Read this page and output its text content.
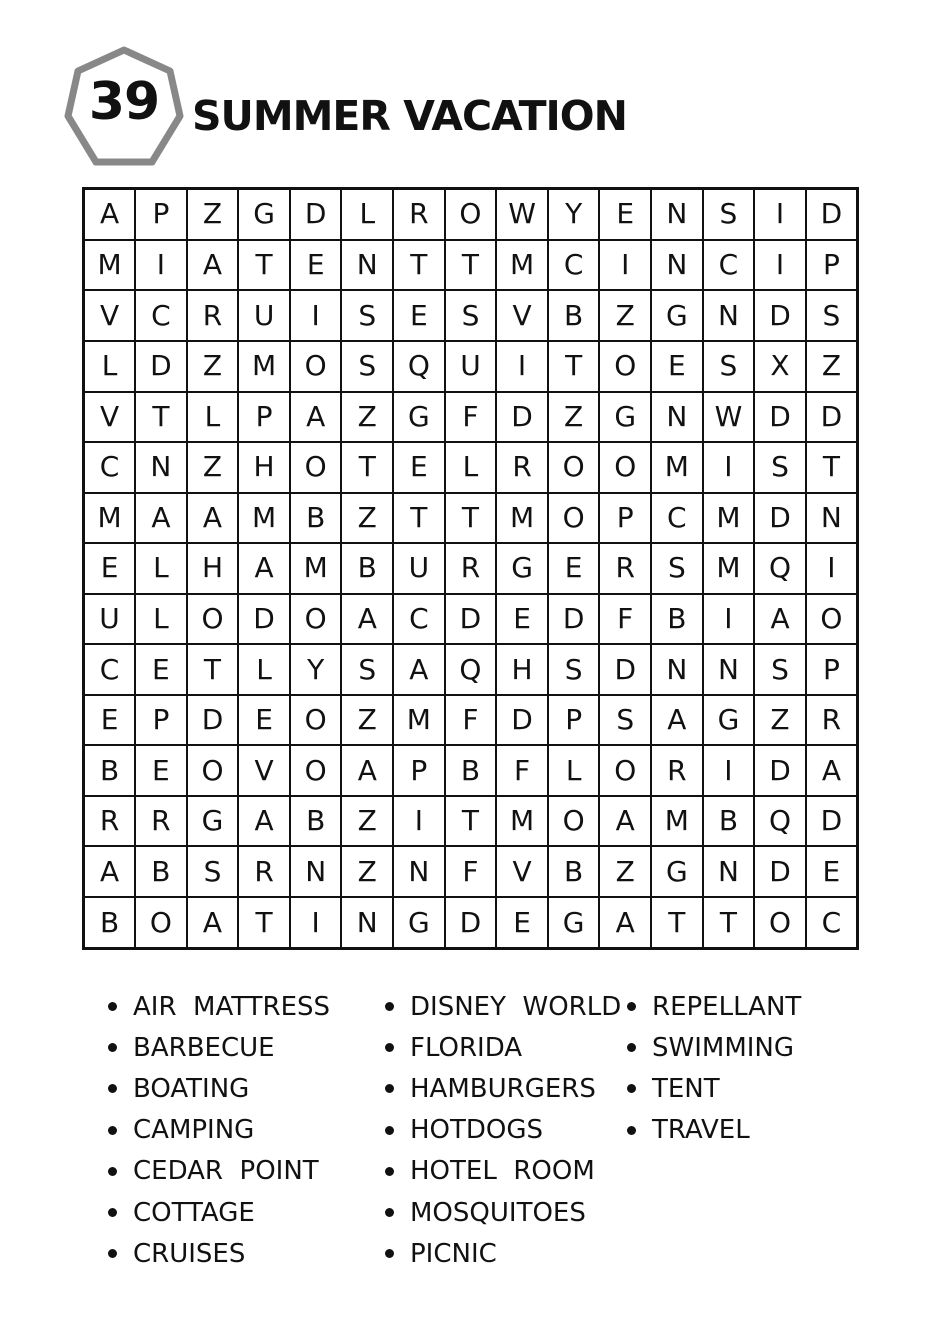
39 SUMMER VACATION
A	P	Z	G	D	L	R	O	W	Y	E	N	S	I	D
M	I	A	T	E	N	T	T	M	C	I	N	C	I	P
V	C	R	U	I	S	E	S	V	B	Z	G	N	D	S
L	D	Z	M	O	S	Q	U	I	T	O	E	S	X	Z
V	T	L	P	A	Z	G	F	D	Z	G	N	W	D	D
C	N	Z	H	O	T	E	L	R	O	O	M	I	S	T
M	A	A	M	B	Z	T	T	M	O	P	C	M	D	N
E	L	H	A	M	B	U	R	G	E	R	S	M	Q	I
U	L	O	D	O	A	C	D	E	D	F	B	I	A	O
C	E	T	L	Y	S	A	Q	H	S	D	N	N	S	P
E	P	D	E	O	Z	M	F	D	P	S	A	G	Z	R
B	E	O	V	O	A	P	B	F	L	O	R	I	D	A
R	R	G	A	B	Z	I	T	M	O	A	M	B	Q	D
A	B	S	R	N	Z	N	F	V	B	Z	G	N	D	E
B	O	A	T	I	N	G	D	E	G	A	T	T	O	C
AIR  MATTRESS
BARBECUE
BOATING
CAMPING
CEDAR  POINT
COTTAGE
CRUISES
DISNEY  WORLD
FLORIDA
HAMBURGERS
HOTDOGS
HOTEL  ROOM
MOSQUITOES
PICNIC
REPELLANT
SWIMMING
TENT
TRAVEL
